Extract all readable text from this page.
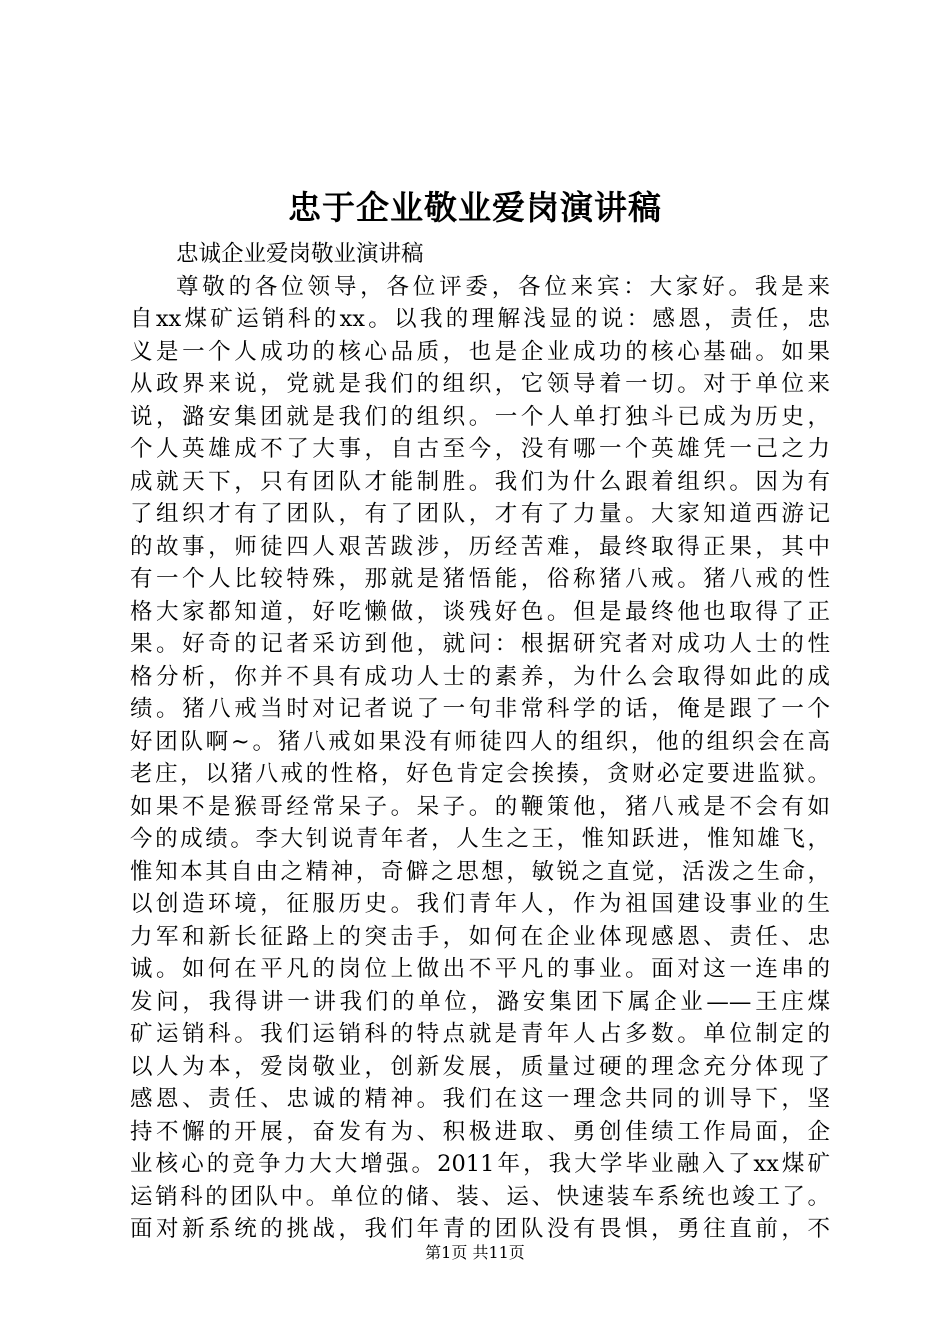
忠于企业敬业爱岗演讲稿
忠诚企业爱岗敬业演讲稿
尊敬的各位领导，各位评委，各位来宾：大家好。我是来
自xx煤矿运销科的xx。以我的理解浅显的说：感恩，责任，忠
义是一个人成功的核心品质，也是企业成功的核心基础。如果
从政界来说，党就是我们的组织，它领导着一切。对于单位来
说，潞安集团就是我们的组织。一个人单打独斗已成为历史，
个人英雄成不了大事，自古至今，没有哪一个英雄凭一己之力
成就天下，只有团队才能制胜。我们为什么跟着组织。因为有
了组织才有了团队，有了团队，才有了力量。大家知道西游记
的故事，师徒四人艰苦跋涉，历经苦难，最终取得正果，其中
有一个人比较特殊，那就是猪悟能，俗称猪八戒。猪八戒的性
格大家都知道，好吃懒做，谈残好色。但是最终他也取得了正
果。好奇的记者采访到他，就问：根据研究者对成功人士的性
格分析，你并不具有成功人士的素养，为什么会取得如此的成
绩。猪八戒当时对记者说了一句非常科学的话，俺是跟了一个
好团队啊~。猪八戒如果没有师徒四人的组织，他的组织会在高
老庄，以猪八戒的性格，好色肯定会挨揍，贪财必定要进监狱。
如果不是猴哥经常呆子。呆子。的鞭策他，猪八戒是不会有如
今的成绩。李大钊说青年者，人生之王，惟知跃进，惟知雄飞，
惟知本其自由之精神，奇僻之思想，敏锐之直觉，活泼之生命，
以创造环境，征服历史。我们青年人，作为祖国建设事业的生
力军和新长征路上的突击手，如何在企业体现感恩、责任、忠
诚。如何在平凡的岗位上做出不平凡的事业。面对这一连串的
发问，我得讲一讲我们的单位，潞安集团下属企业——王庄煤
矿运销科。我们运销科的特点就是青年人占多数。单位制定的
以人为本，爱岗敬业，创新发展，质量过硬的理念充分体现了
感恩、责任、忠诚的精神。我们在这一理念共同的训导下，坚
持不懈的开展，奋发有为、积极进取、勇创佳绩工作局面，企
业核心的竞争力大大增强。2011年，我大学毕业融入了xx煤矿
运销科的团队中。单位的储、装、运、快速装车系统也竣工了。
面对新系统的挑战，我们年青的团队没有畏惧，勇往直前，不
第1页 共11页
